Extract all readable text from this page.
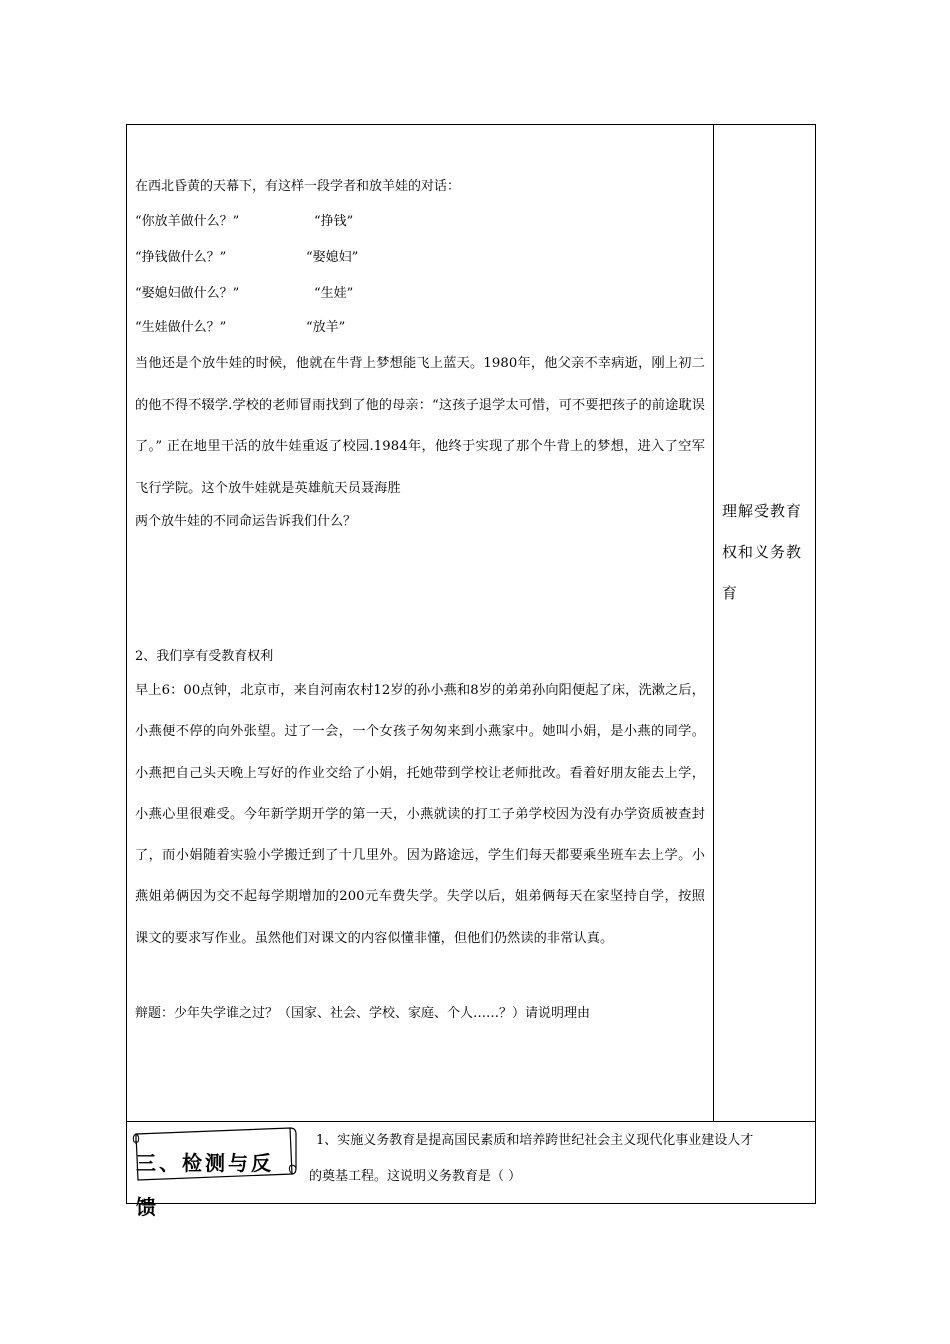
在西北昏黄的天幕下，有这样一段学者和放羊娃的对话：
“你放羊做什么？”	“挣钱”
“挣钱做什么？”	“娶媳妇”
“娶媳妇做什么？”	“生娃”
“生娃做什么？”	“放羊”
当他还是个放牛娃的时候，他就在牛背上梦想能飞上蓝天。1980年，他父亲不幸病逝，刚上初二的他不得不辍学.学校的老师冒雨找到了他的母亲：“这孩子退学太可惜，可不要把孩子的前途耽误了。” 正在地里干活的放牛娃重返了校园.1984年，他终于实现了那个牛背上的梦想，进入了空军飞行学院。这个放牛娃就是英雄航天员聂海胜
两个放牛娃的不同命运告诉我们什么？
2、我们享有受教育权利
早上6：00点钟，北京市，来自河南农村12岁的孙小燕和8岁的弟弟孙向阳便起了床，洗漱之后，小燕便不停的向外张望。过了一会，一个女孩子匆匆来到小燕家中。她叫小娟，是小燕的同学。小燕把自己头天晚上写好的作业交给了小娟，托她带到学校让老师批改。看着好朋友能去上学，小燕心里很难受。今年新学期开学的第一天，小燕就读的打工子弟学校因为没有办学资质被查封了，而小娟随着实验小学搬迁到了十几里外。因为路途远，学生们每天都要乘坐班车去上学。小燕姐弟俩因为交不起每学期增加的200元车费失学。失学以后，姐弟俩每天在家坚持自学，按照课文的要求写作业。虽然他们对课文的内容似懂非懂，但他们仍然读的非常认真。
辩题：少年失学谁之过？（国家、社会、学校、家庭、个人……？）请说明理由
理解受教育权和义务教育
三、检测与反
馈
1、实施义务教育是提高国民素质和培养跨世纪社会主义现代化事业建设人才
的奠基工程。这说明义务教育是（ ）
